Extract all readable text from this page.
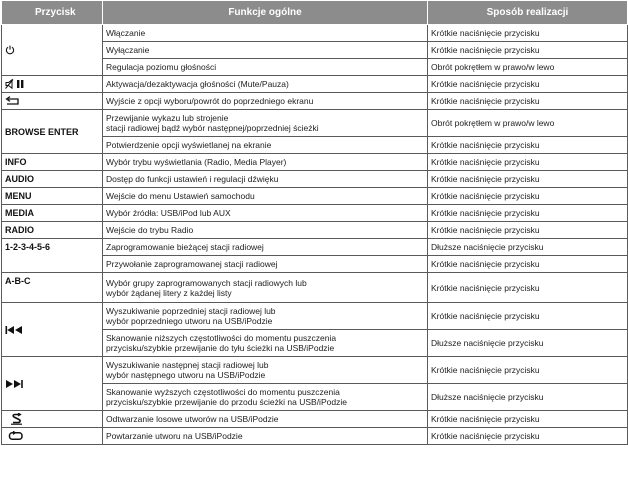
Przycisk	Funkcje ogólne	Sposób realizacji

	Włączanie	Krótkie naciśnięcie przycisku
	Wyłączanie	Krótkie naciśnięcie przycisku
	Regulacja poziomu głośności	Obrót pokrętłem w prawo/w lewo

	Aktywacja/dezaktywacja głośności (Mute/Pauza)	Krótkie naciśnięcie przycisku

	Wyjście z opcji wyboru/powrót do poprzedniego ekranu	Krótkie naciśnięcie przycisku
BROWSE ENTER	Przewijanie wykazu lub strojenie
stacji radiowej bądź wybór następnej/poprzedniej ścieżki	Obrót pokrętłem w prawo/w lewo
	Potwierdzenie opcji wyświetlanej na ekranie	Krótkie naciśnięcie przycisku
INFO	Wybór trybu wyświetlania (Radio, Media Player)	Krótkie naciśnięcie przycisku
AUDIO	Dostęp do funkcji ustawień i regulacji dźwięku	Krótkie naciśnięcie przycisku
MENU	Wejście do menu Ustawień samochodu	Krótkie naciśnięcie przycisku
MEDIA	Wybór źródła: USB/iPod lub AUX	Krótkie naciśnięcie przycisku
RADIO	Wejście do trybu Radio	Krótkie naciśnięcie przycisku
1-2-3-4-5-6	Zaprogramowanie bieżącej stacji radiowej	Dłuższe naciśnięcie przycisku
	Przywołanie zaprogramowanej stacji radiowej	Krótkie naciśnięcie przycisku
A-B-C	Wybór grupy zaprogramowanych stacji radiowych lub
wybór żądanej litery z każdej listy	Krótkie naciśnięcie przycisku

	Wyszukiwanie poprzedniej stacji radiowej lub
wybór poprzedniego utworu na USB/iPodzie	Krótkie naciśnięcie przycisku
	Skanowanie niższych częstotliwości do momentu puszczenia
przycisku/szybkie przewijanie do tyłu ścieżki na USB/iPodzie	Dłuższe naciśnięcie przycisku

	Wyszukiwanie następnej stacji radiowej lub
wybór następnego utworu na USB/iPodzie	Krótkie naciśnięcie przycisku
	Skanowanie wyższych częstotliwości do momentu puszczenia
przycisku/szybkie przewijanie do przodu ścieżki na USB/iPodzie	Dłuższe naciśnięcie przycisku

	Odtwarzanie losowe utworów na USB/iPodzie	Krótkie naciśnięcie przycisku

	Powtarzanie utworu na USB/iPodzie	Krótkie naciśnięcie przycisku
